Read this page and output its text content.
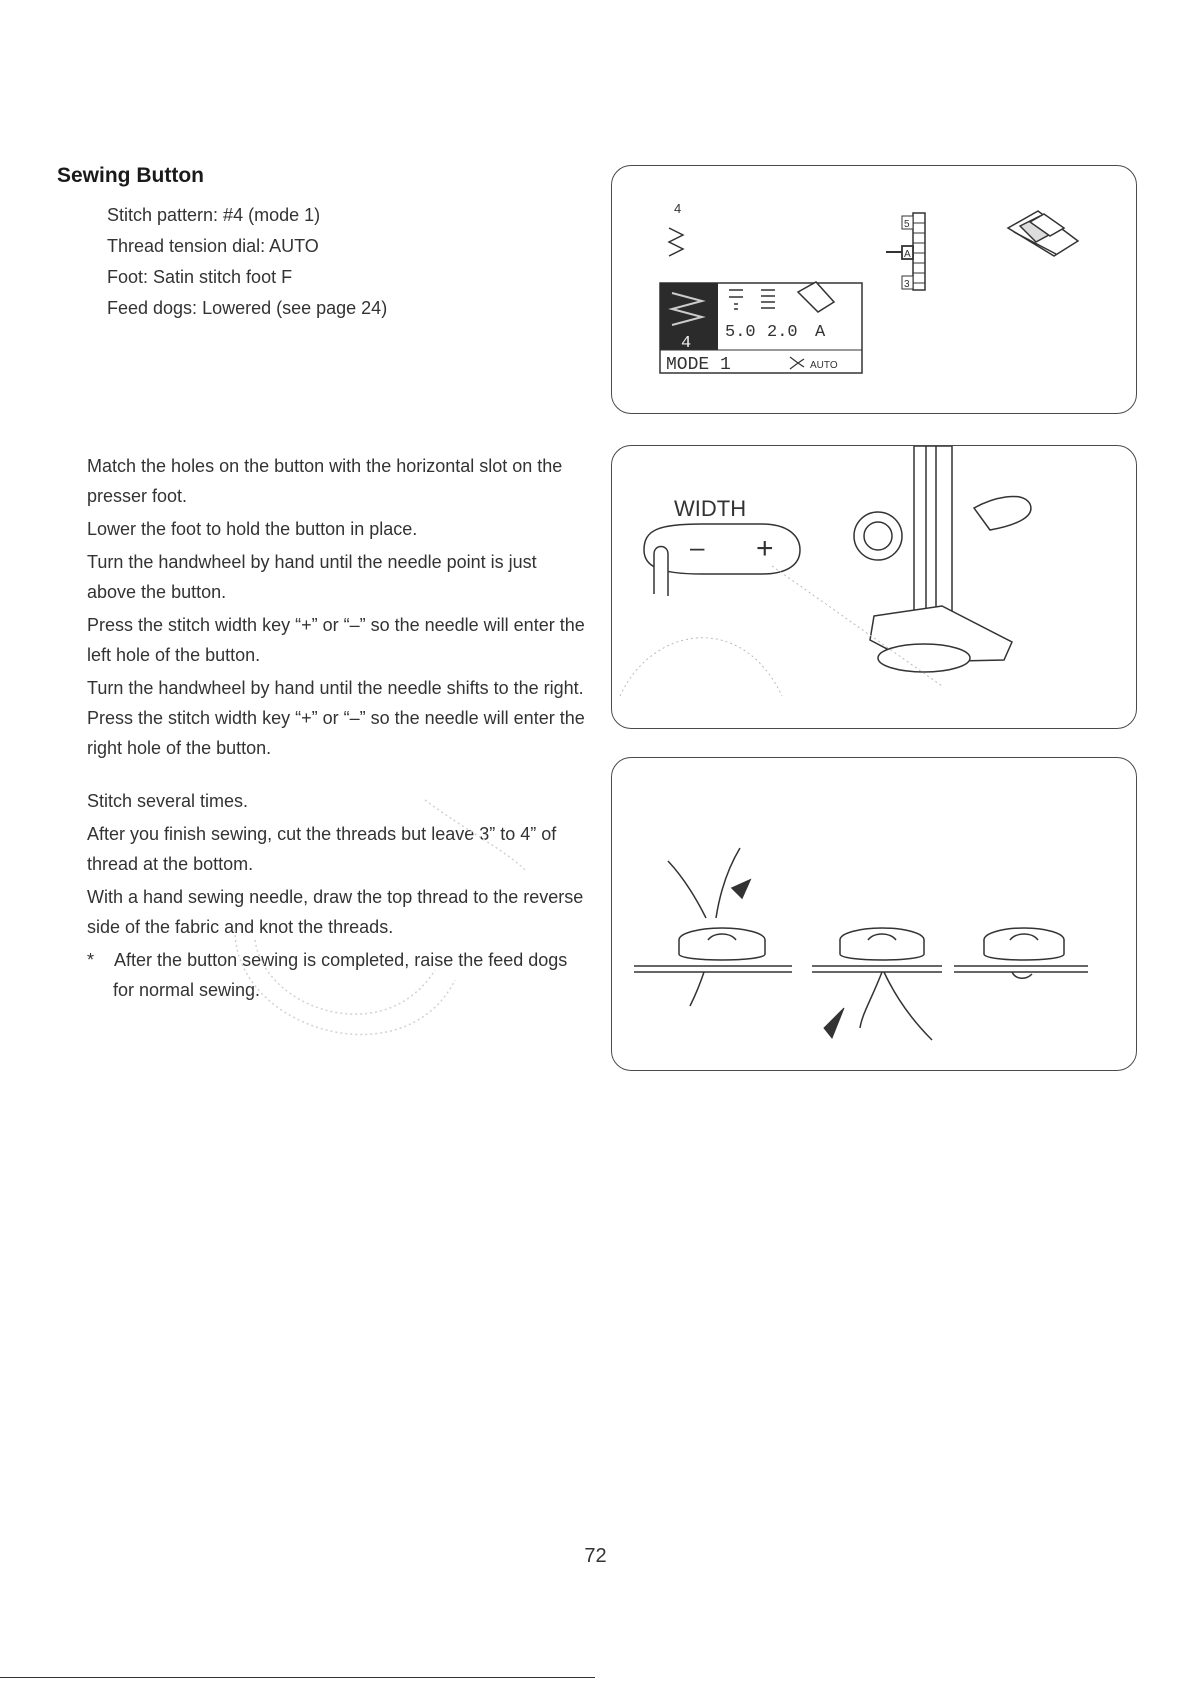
Sewing Button
Stitch pattern: #4 (mode 1)
Thread tension dial: AUTO
Foot: Satin stitch foot F
Feed dogs: Lowered (see page 24)

Match the holes on the button with the horizontal slot on the presser foot.

Lower the foot to hold the button in place.

Turn the handwheel by hand until the needle point is just above the button.

Press the stitch width key “+” or “–” so the needle will enter the left hole of the button.

Turn the handwheel by hand until the needle shifts to the right. Press the stitch width key “+” or “–” so the needle will enter the right hole of the button.

Stitch several times.

After you finish sewing, cut the threads but leave 3” to 4” of thread at the bottom.

With a hand sewing needle, draw the top thread to the reverse side of the fabric and knot the threads.

* After the button sewing is completed, raise the feed dogs for normal sewing.

4
5
A
3
4
5.0 2.0 A
MODE 1	AUTO
WIDTH
– +
72
